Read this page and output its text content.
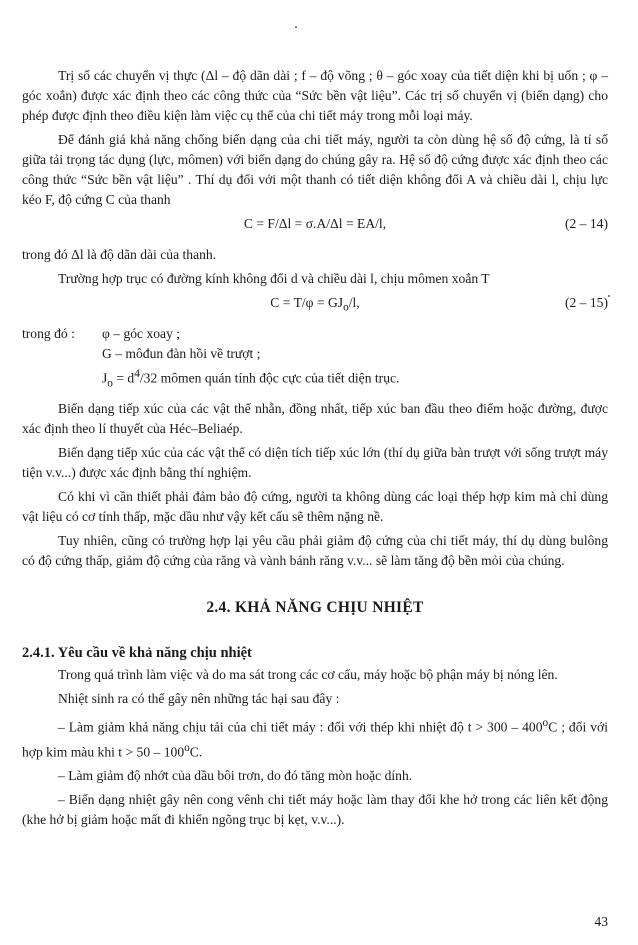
Trị số các chuyển vị thực (Δl – độ dãn dài ; f – độ võng ; θ – góc xoay của tiết diện khi bị uốn ; φ – góc xoắn) được xác định theo các công thức của “Sức bền vật liệu”. Các trị số chuyển vị (biến dạng) cho phép được định theo điều kiện làm việc cụ thể của chi tiết máy trong mỗi loại máy.

Để đánh giá khả năng chống biến dạng của chi tiết máy, người ta còn dùng hệ số độ cứng, là tỉ số giữa tải trọng tác dụng (lực, mômen) với biến dạng do chúng gây ra. Hệ số độ cứng được xác định theo các công thức “Sức bền vật liệu” . Thí dụ đối với một thanh có tiết diện không đổi A và chiều dài l, chịu lực kéo F, độ cứng C của thanh

C = F/Δl = σ.A/Δl = EA/l,	(2 – 14)

trong đó Δl là độ dãn dài của thanh.

Trường hợp trục có đường kính không đổi d và chiều dài l, chịu mômen xoắn T

$C = T/\varphi = GJ_o/l$,	(2 – 15)
trong đó :	φ – góc xoay ;
G – môđun đàn hồi về trượt ;
$J_o = d^4/32$ mômen quán tính độc cực của tiết diện trục.

Biến dạng tiếp xúc của các vật thể nhẵn, đồng nhất, tiếp xúc ban đầu theo điểm hoặc đường, được xác định theo lí thuyết của Héc–Beliaép.

Biến dạng tiếp xúc của các vật thể có diện tích tiếp xúc lớn (thí dụ giữa bàn trượt với sống trượt máy tiện v.v...) được xác định bằng thí nghiệm.

Có khi vì cần thiết phải đảm bảo độ cứng, người ta không dùng các loại thép hợp kim mà chỉ dùng vật liệu có cơ tính thấp, mặc dầu như vậy kết cấu sẽ thêm nặng nề.

Tuy nhiên, cũng có trường hợp lại yêu cầu phải giảm độ cứng của chi tiết máy, thí dụ dùng bulông có độ cứng thấp, giảm độ cứng của răng và vành bánh răng v.v... sẽ làm tăng độ bền mỏi của chúng.

2.4. KHẢ NĂNG CHỊU NHIỆT
2.4.1. Yêu cầu về khả năng chịu nhiệt

Trong quá trình làm việc và do ma sát trong các cơ cấu, máy hoặc bộ phận máy bị nóng lên.

Nhiệt sinh ra có thể gây nên những tác hại sau đây :

– Làm giảm khả năng chịu tải của chi tiết máy : đối với thép khi nhiệt độ t > 300 – 400$^o$C ; đối với hợp kim màu khi t > 50 – 100$^o$C.

– Làm giảm độ nhớt của dầu bôi trơn, do đó tăng mòn hoặc dính.

– Biến dạng nhiệt gây nên cong vênh chi tiết máy hoặc làm thay đổi khe hở trong các liên kết động (khe hở bị giảm hoặc mất đi khiến ngõng trục bị kẹt, v.v...).

43
